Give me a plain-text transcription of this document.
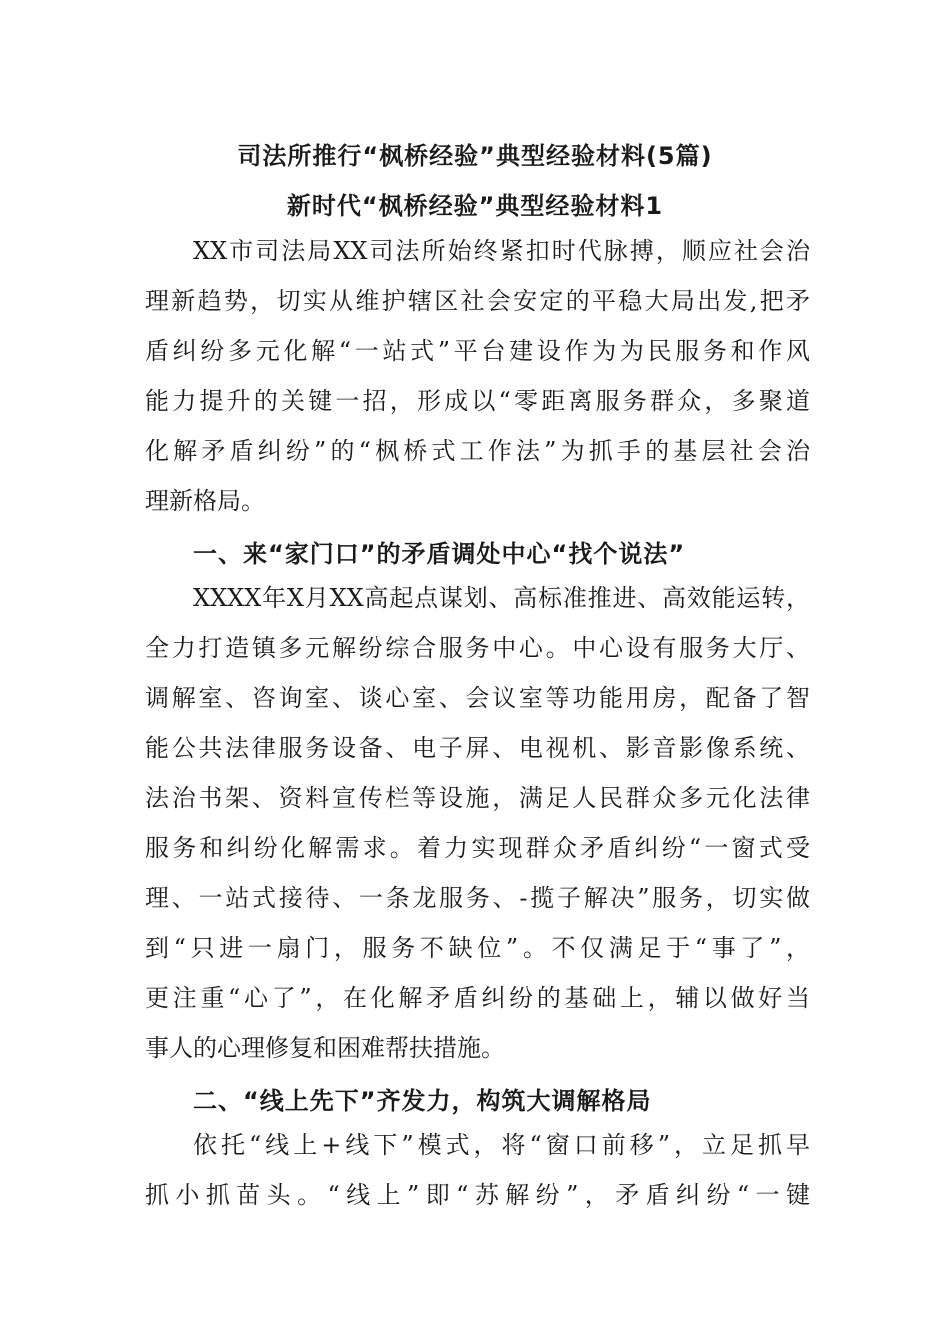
司法所推行“枫桥经验”典型经验材料(5篇)
新时代“枫桥经验”典型经验材料1
XX市司法局XX司法所始终紧扣时代脉搏，顺应社会治
理新趋势，切实从维护辖区社会安定的平稳大局出发,把矛
盾纠纷多元化解“一站式”平台建设作为为民服务和作风
能力提升的关键一招，形成以“零距离服务群众，多聚道
化解矛盾纠纷”的“枫桥式工作法”为抓手的基层社会治
理新格局。
一、来“家门口”的矛盾调处中心“找个说法”
XXXX年X月XX高起点谋划、高标准推进、高效能运转，
全力打造镇多元解纷综合服务中心。中心设有服务大厅、
调解室、咨询室、谈心室、会议室等功能用房，配备了智
能公共法律服务设备、电子屏、电视机、影音影像系统、
法治书架、资料宣传栏等设施，满足人民群众多元化法律
服务和纠纷化解需求。着力实现群众矛盾纠纷“一窗式受
理、一站式接待、一条龙服务、-揽子解决”服务，切实做
到“只进一扇门，服务不缺位”。不仅满足于“事了”，
更注重“心了”，在化解矛盾纠纷的基础上，辅以做好当
事人的心理修复和困难帮扶措施。
二、“线上先下”齐发力，构筑大调解格局
依托“线上+线下”模式，将“窗口前移”，立足抓早
抓小抓苗头。“线上”即“苏解纷”，矛盾纠纷“一键
